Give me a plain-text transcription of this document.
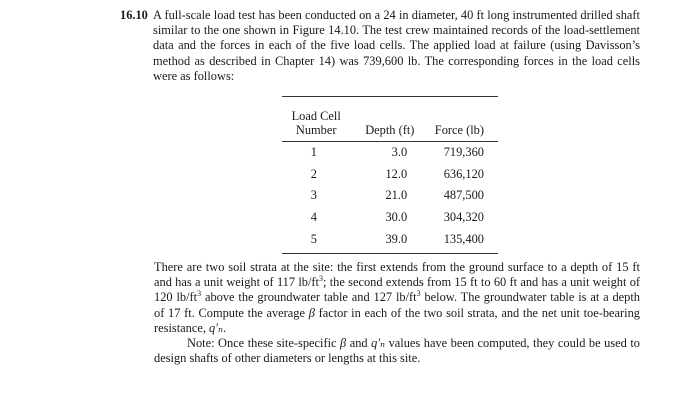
16.10 A full-scale load test has been conducted on a 24 in diameter, 40 ft long instrumented drilled shaft similar to the one shown in Figure 14.10. The test crew maintained records of the load-settlement data and the forces in each of the five load cells. The applied load at failure (using Davisson’s method as described in Chapter 14) was 739,600 lb. The corresponding forces in the load cells were as follows:
Load Cell
Number	Depth (ft)	Force (lb)
1	3.0	719,360
2	12.0	636,120
3	21.0	487,500
4	30.0	304,320
5	39.0	135,400

There are two soil strata at the site: the first extends from the ground surface to a depth of 15 ft and has a unit weight of 117 $lb/ft^3$; the second extends from 15 ft to 60 ft and has a unit weight of 120 $lb/ft^3$ above the groundwater table and 127 $lb/ft^3$ below. The groundwater table is at a depth of 17 ft. Compute the average β factor in each of the two soil strata, and the net unit toe-bearing resistance, q′ₙ.

Note: Once these site-specific β and q′ₙ values have been computed, they could be used to design shafts of other diameters or lengths at this site.
